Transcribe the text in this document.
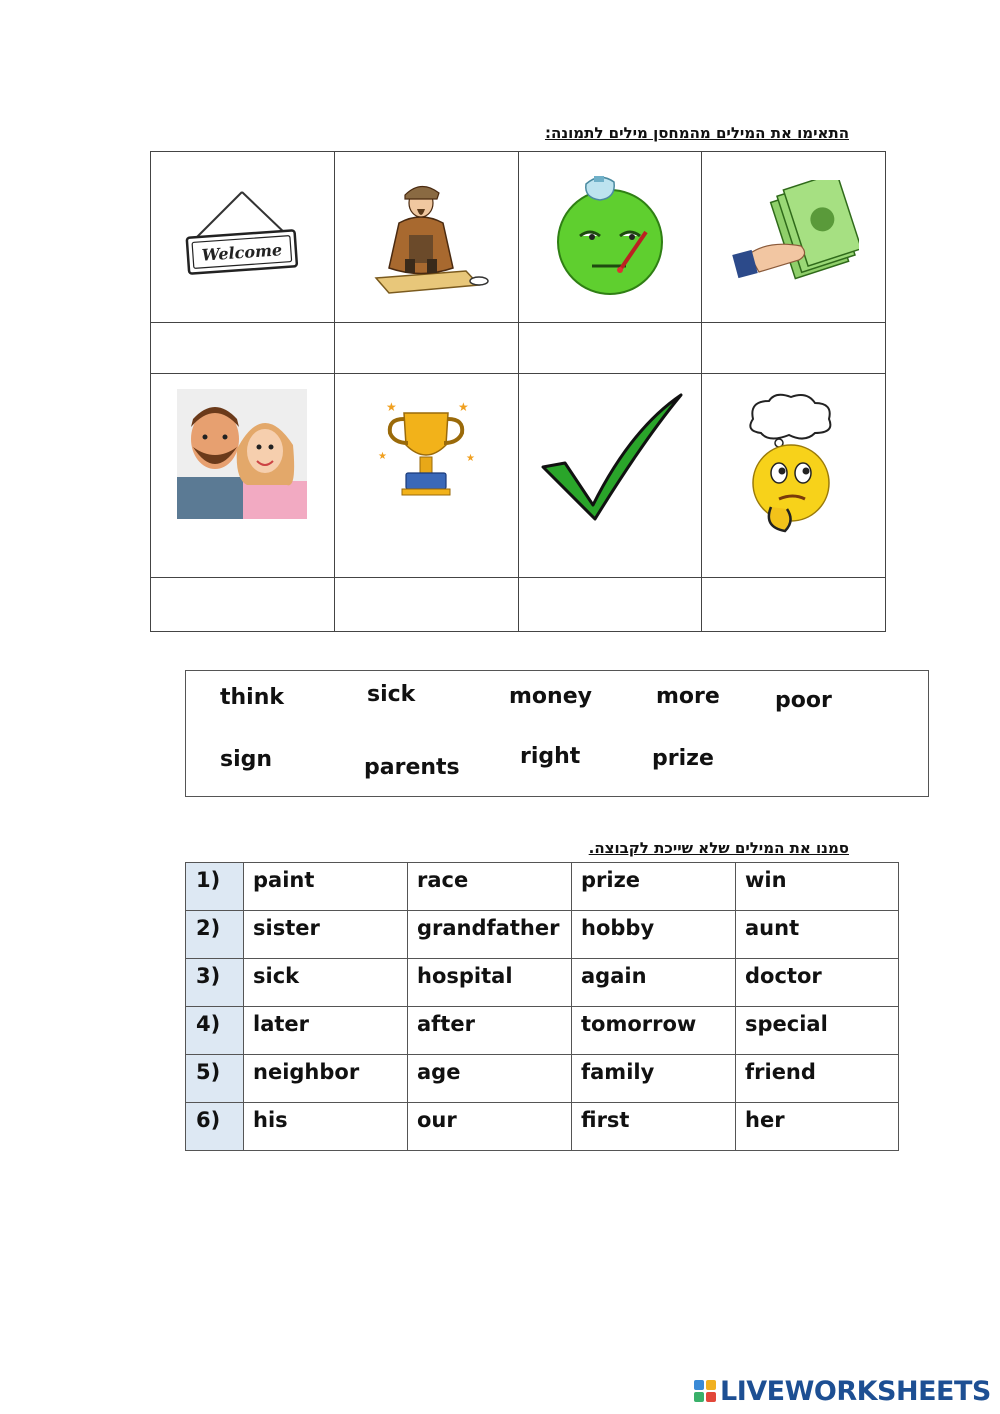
התאימו את המילים מהמחסן מילים לתמונה:
Welcome

★ ★
★ ★

think	sick	money	more	poor
sign	parents	right	prize
סמנו את המילים שלא שייכת לקבוצה.
1)	paint	race	prize	win
2)	sister	grandfather	hobby	aunt
3)	sick	hospital	again	doctor
4)	later	after	tomorrow	special
5)	neighbor	age	family	friend
6)	his	our	first	her
LIVEWORKSHEETS
